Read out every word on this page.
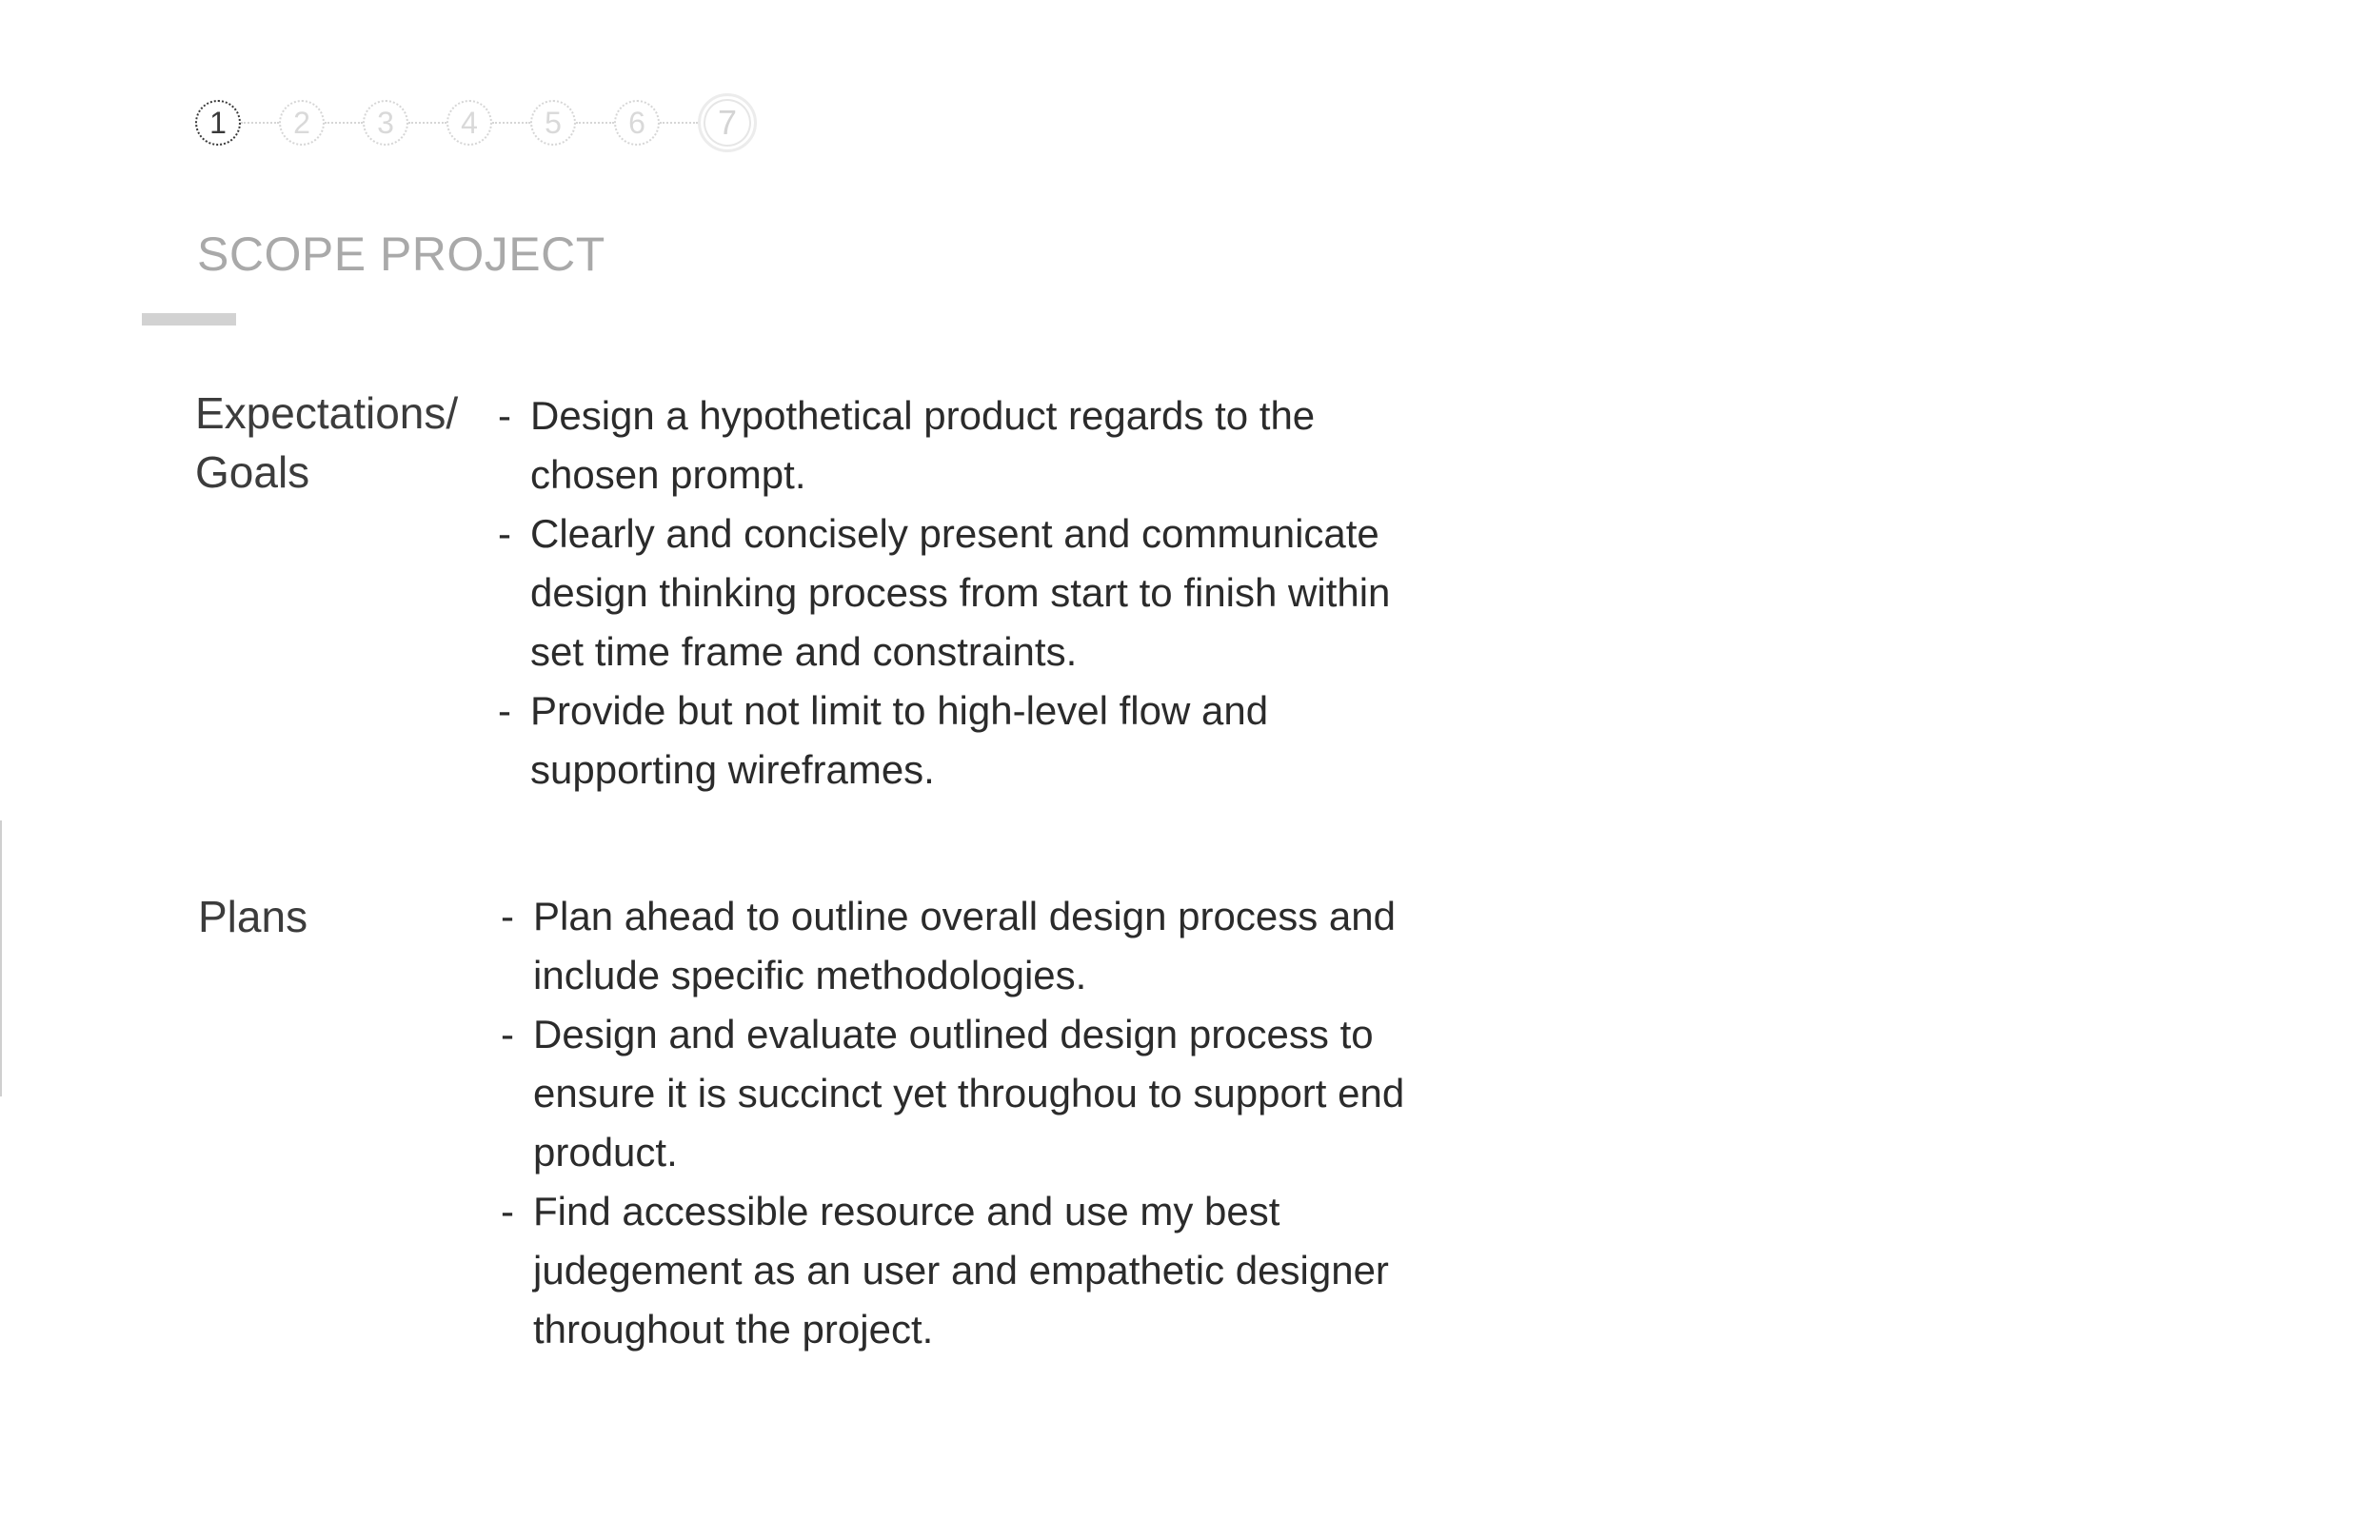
1	2	3	4	5	6	7
SCOPE PROJECT
Expectations/
Goals
- Design a hypothetical product regards to the
chosen prompt.
- Clearly and concisely present and communicate
design thinking process from start to finish within
set time frame and constraints.
- Provide but not limit to high-level flow and
supporting wireframes.
Plans	- Plan ahead to outline overall design process and
include specific methodologies.
- Design and evaluate outlined design process to
ensure it is succinct yet throughou to support end
product.
- Find accessible resource and use my best
judegement as an user and empathetic designer
throughout the project.
